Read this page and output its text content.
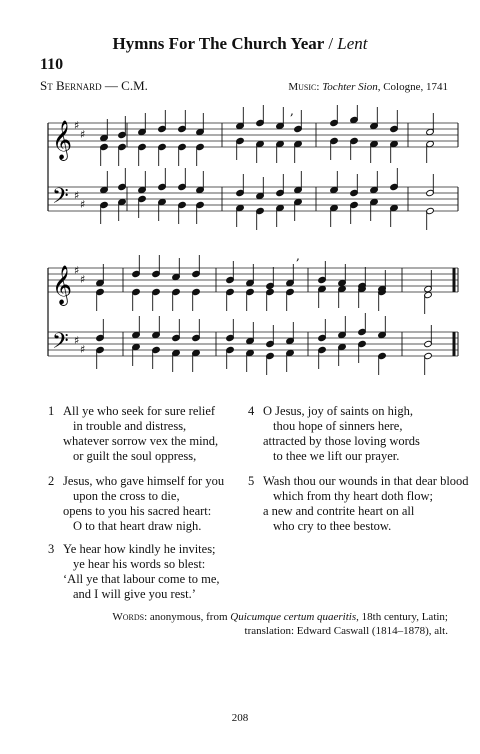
Hymns For The Church Year / Lent
110
St Bernard — C.M.	Music: Tochter Sion, Cologne, 1741
𝄞
𝄢
♯
♯
♯
♯
,
𝄞
𝄢
♯
♯
♯
♯
,
1 All ye who seek for sure relief
in trouble and distress,
whatever sorrow vex the mind,
or guilt the soul oppress,
2 Jesus, who gave himself for you
upon the cross to die,
opens to you his sacred heart:
O to that heart draw nigh.
3 Ye hear how kindly he invites;
ye hear his words so blest:
‘All ye that labour come to me,
and I will give you rest.’
4 O Jesus, joy of saints on high,
thou hope of sinners here,
attracted by those loving words
to thee we lift our prayer.
5 Wash thou our wounds in that dear blood
which from thy heart doth flow;
a new and contrite heart on all
who cry to thee bestow.
Words: anonymous, from Quicumque certum quaeritis, 18th century, Latin;
translation: Edward Caswall (1814–1878), alt.
208
